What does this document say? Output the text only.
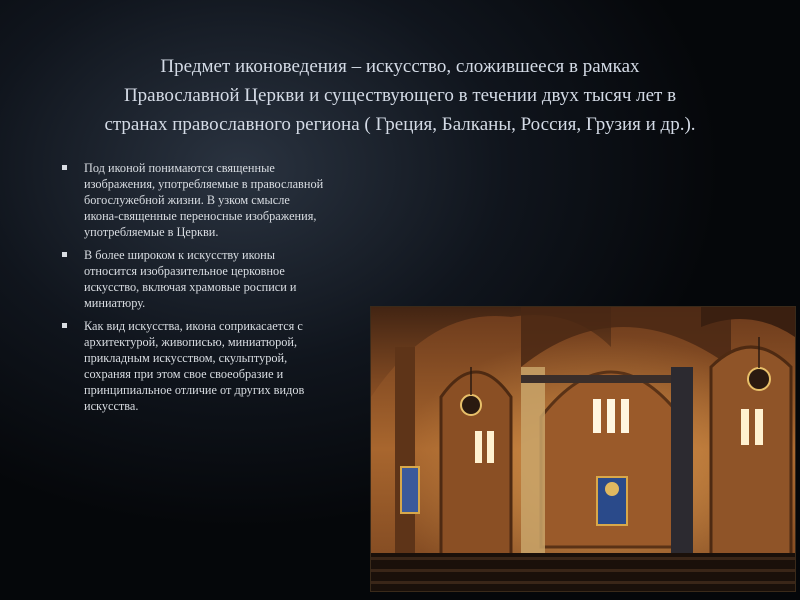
Предмет иконоведения – искусство, сложившееся в рамках
Православной Церкви и существующего в течении двух тысяч лет в
странах православного региона ( Греция, Балканы, Россия, Грузия и др.).
Под иконой понимаются священные
изображения, употребляемые в православной
богослужебной жизни. В узком смысле
икона-священные переносные изображения,
употребляемые в Церкви.
В более широком к искусству иконы
относится изобразительное церковное
искусство, включая храмовые росписи и
миниатюру.
Как вид искусства, икона соприкасается с
архитектурой, живописью, миниатюрой,
прикладным искусством, скульптурой,
сохраняя при этом свое своеобразие и
принципиальное отличие от других видов
искусства.
